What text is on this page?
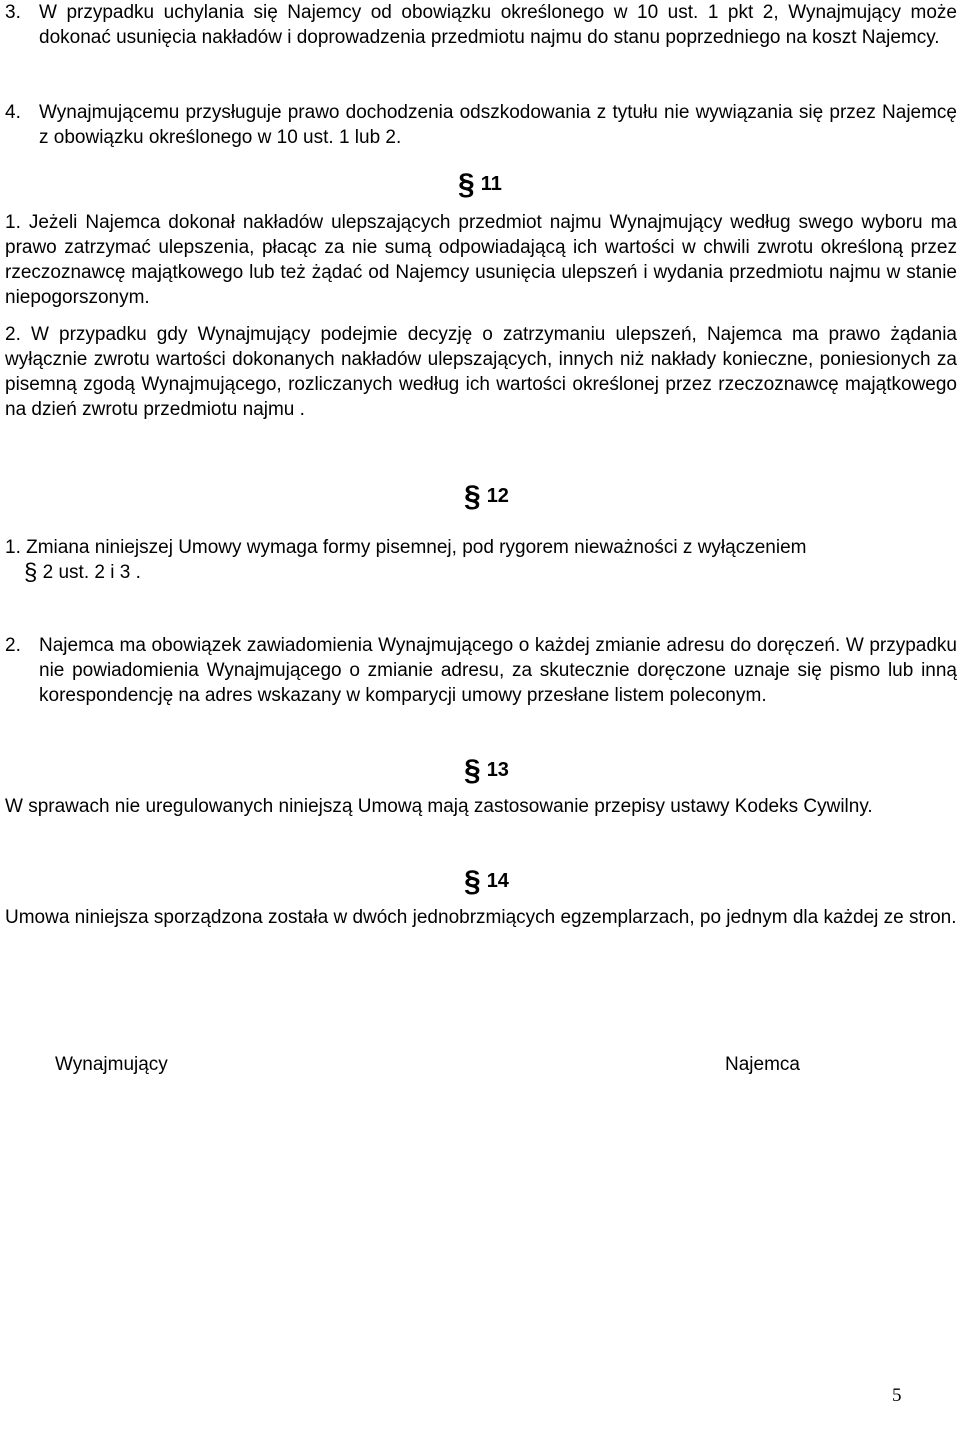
3. W przypadku uchylania się Najemcy od obowiązku określonego w 10 ust. 1 pkt 2, Wynajmujący może dokonać usunięcia nakładów i doprowadzenia przedmiotu najmu do stanu poprzedniego na koszt Najemcy.
4. Wynajmującemu przysługuje prawo dochodzenia odszkodowania z tytułu nie wywiązania się przez Najemcę z obowiązku określonego w 10 ust. 1 lub 2.
§ 11
1. Jeżeli Najemca dokonał nakładów ulepszających przedmiot najmu Wynajmujący według swego wyboru ma prawo zatrzymać ulepszenia, płacąc za nie sumą odpowiadającą ich wartości w chwili zwrotu określoną przez rzeczoznawcę majątkowego lub też żądać od Najemcy usunięcia ulepszeń i wydania przedmiotu najmu w stanie niepogorszonym.
2. W przypadku gdy Wynajmujący podejmie decyzję o zatrzymaniu ulepszeń, Najemca ma prawo żądania wyłącznie zwrotu wartości dokonanych nakładów ulepszających, innych niż nakłady konieczne, poniesionych za pisemną zgodą Wynajmującego, rozliczanych według ich wartości określonej przez rzeczoznawcę majątkowego na dzień zwrotu przedmiotu najmu .
§ 12
1. Zmiana niniejszej Umowy wymaga formy pisemnej, pod rygorem nieważności z wyłączeniem
§ 2 ust. 2 i 3 .
2. Najemca ma obowiązek zawiadomienia Wynajmującego o każdej zmianie adresu do doręczeń. W przypadku nie powiadomienia Wynajmującego o zmianie adresu, za skutecznie doręczone uznaje się pismo lub inną korespondencję na adres wskazany w komparycji umowy przesłane listem poleconym.
§ 13
W sprawach nie uregulowanych niniejszą Umową mają zastosowanie przepisy ustawy Kodeks Cywilny.
§ 14
Umowa niniejsza sporządzona została w dwóch jednobrzmiących egzemplarzach, po jednym dla każdej ze stron.
Wynajmujący	Najemca
5
